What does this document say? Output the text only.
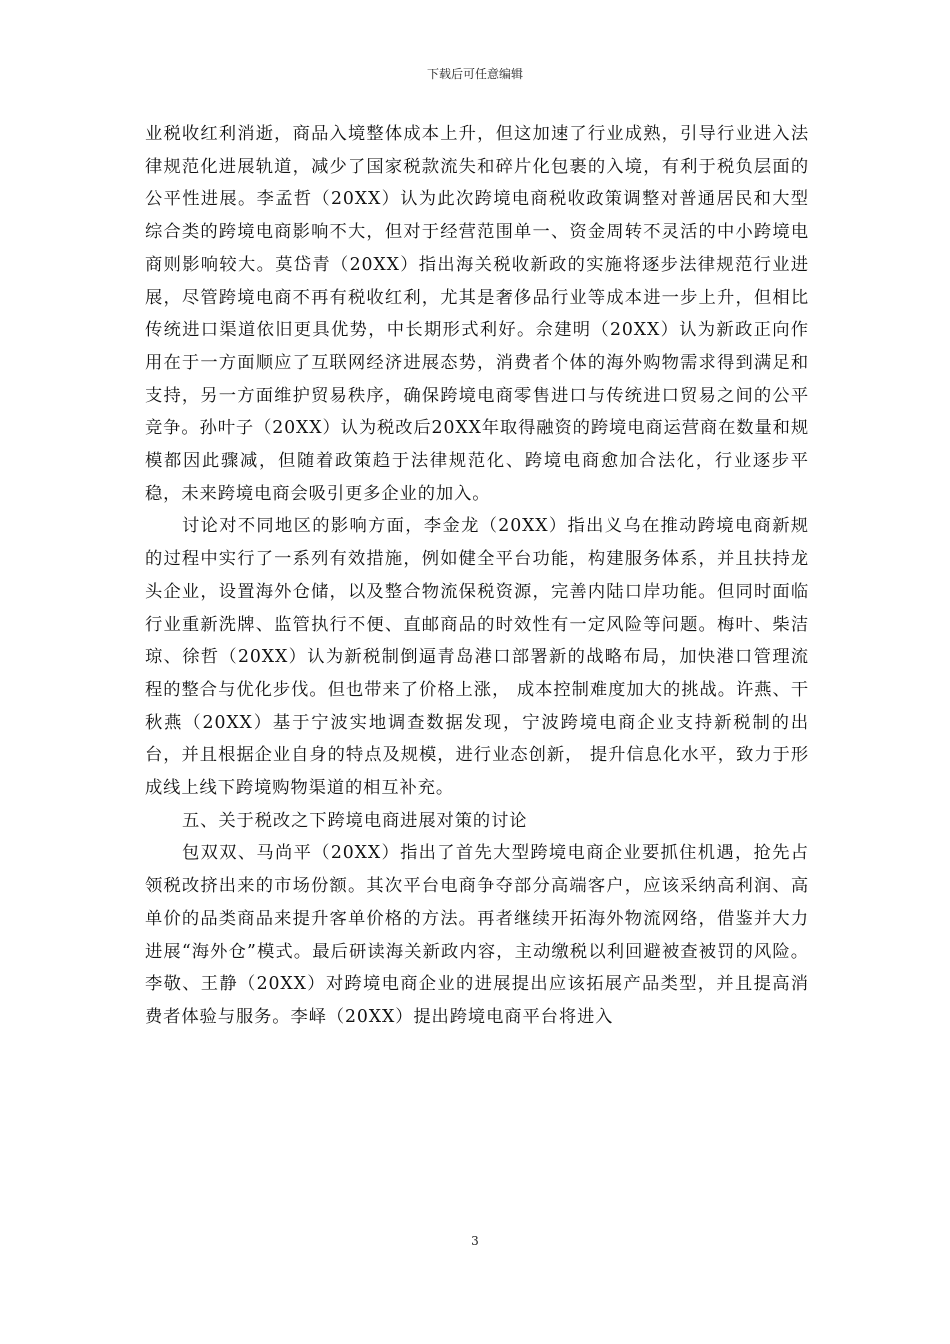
下载后可任意编辑

业税收红利消逝，商品入境整体成本上升，但这加速了行业成熟，引导行业进入法律规范化进展轨道，减少了国家税款流失和碎片化包裹的入境，有利于税负层面的公平性进展。李孟哲（20XX）认为此次跨境电商税收政策调整对普通居民和大型综合类的跨境电商影响不大，但对于经营范围单一、资金周转不灵活的中小跨境电商则影响较大。莫岱青（20XX）指出海关税收新政的实施将逐步法律规范行业进展，尽管跨境电商不再有税收红利，尤其是奢侈品行业等成本进一步上升，但相比传统进口渠道依旧更具优势，中长期形式利好。佘建明（20XX）认为新政正向作用在于一方面顺应了互联网经济进展态势，消费者个体的海外购物需求得到满足和支持，另一方面维护贸易秩序，确保跨境电商零售进口与传统进口贸易之间的公平竞争。孙叶子（20XX）认为税改后20XX年取得融资的跨境电商运营商在数量和规模都因此骤减，但随着政策趋于法律规范化、跨境电商愈加合法化，行业逐步平稳，未来跨境电商会吸引更多企业的加入。

讨论对不同地区的影响方面，李金龙（20XX）指出义乌在推动跨境电商新规的过程中实行了一系列有效措施，例如健全平台功能，构建服务体系，并且扶持龙头企业，设置海外仓储，以及整合物流保税资源，完善内陆口岸功能。但同时面临行业重新洗牌、监管执行不便、直邮商品的时效性有一定风险等问题。梅叶、柴洁琼、徐哲（20XX）认为新税制倒逼青岛港口部署新的战略布局，加快港口管理流程的整合与优化步伐。但也带来了价格上涨， 成本控制难度加大的挑战。许燕、干秋燕（20XX）基于宁波实地调查数据发现，宁波跨境电商企业支持新税制的出台，并且根据企业自身的特点及规模，进行业态创新， 提升信息化水平，致力于形成线上线下跨境购物渠道的相互补充。

五、关于税改之下跨境电商进展对策的讨论

包双双、马尚平（20XX）指出了首先大型跨境电商企业要抓住机遇，抢先占领税改挤出来的市场份额。其次平台电商争夺部分高端客户，应该采纳高利润、高单价的品类商品来提升客单价格的方法。再者继续开拓海外物流网络，借鉴并大力进展“海外仓”模式。最后研读海关新政内容，主动缴税以利回避被查被罚的风险。李敬、王静（20XX）对跨境电商企业的进展提出应该拓展产品类型，并且提高消费者体验与服务。李峄（20XX）提出跨境电商平台将进入

3
